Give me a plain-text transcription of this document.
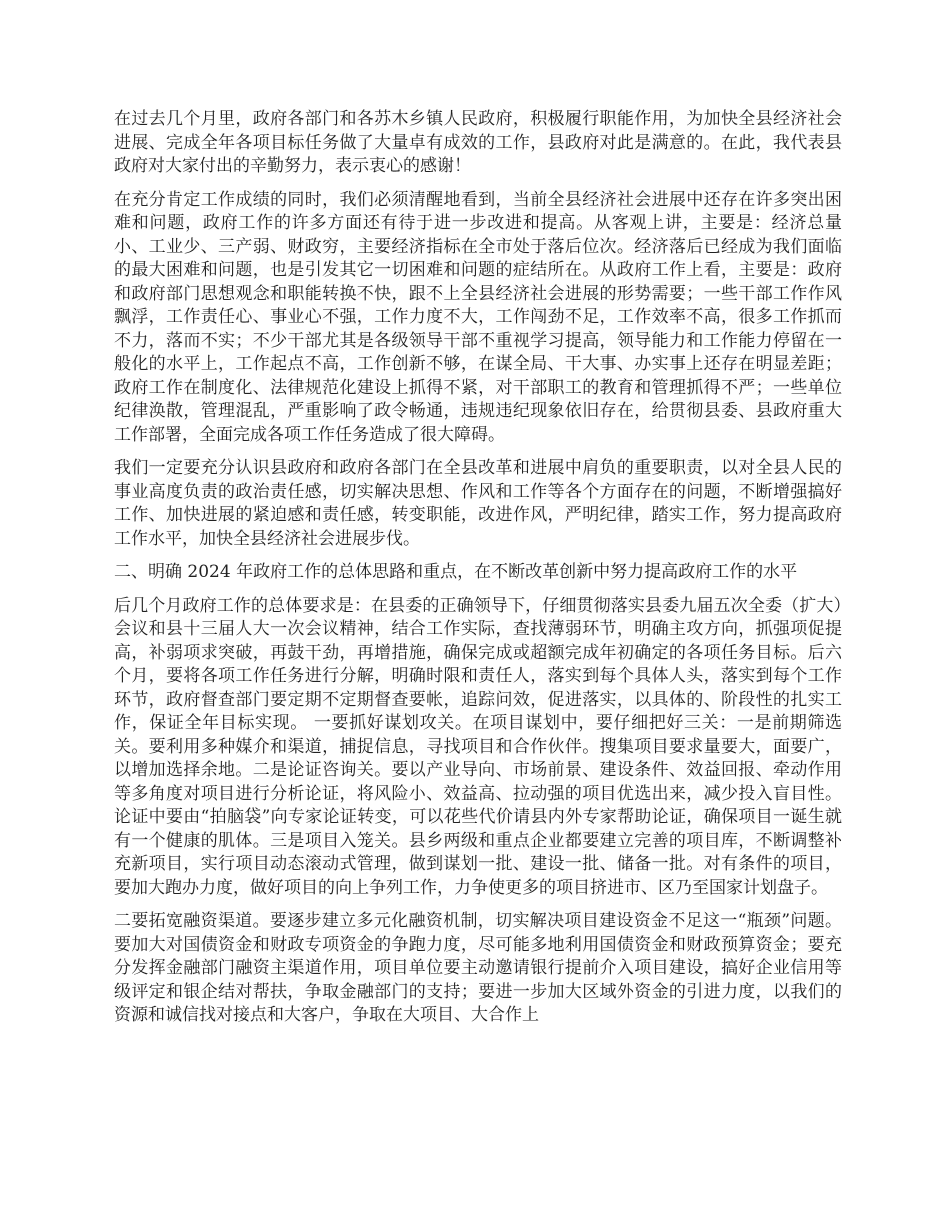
在过去几个月里，政府各部门和各苏木乡镇人民政府，积极履行职能作用，为加快全县经济社会进展、完成全年各项目标任务做了大量卓有成效的工作，县政府对此是满意的。在此，我代表县政府对大家付出的辛勤努力，表示衷心的感谢！

在充分肯定工作成绩的同时，我们必须清醒地看到，当前全县经济社会进展中还存在许多突出困难和问题，政府工作的许多方面还有待于进一步改进和提高。从客观上讲，主要是：经济总量小、工业少、三产弱、财政穷，主要经济指标在全市处于落后位次。经济落后已经成为我们面临的最大困难和问题，也是引发其它一切困难和问题的症结所在。从政府工作上看，主要是：政府和政府部门思想观念和职能转换不快，跟不上全县经济社会进展的形势需要；一些干部工作作风飘浮，工作责任心、事业心不强，工作力度不大，工作闯劲不足，工作效率不高，很多工作抓而不力，落而不实；不少干部尤其是各级领导干部不重视学习提高，领导能力和工作能力停留在一般化的水平上，工作起点不高，工作创新不够，在谋全局、干大事、办实事上还存在明显差距；政府工作在制度化、法律规范化建设上抓得不紧，对干部职工的教育和管理抓得不严；一些单位纪律涣散，管理混乱，严重影响了政令畅通，违规违纪现象依旧存在，给贯彻县委、县政府重大工作部署，全面完成各项工作任务造成了很大障碍。

我们一定要充分认识县政府和政府各部门在全县改革和进展中肩负的重要职责，以对全县人民的事业高度负责的政治责任感，切实解决思想、作风和工作等各个方面存在的问题，不断增强搞好工作、加快进展的紧迫感和责任感，转变职能，改进作风，严明纪律，踏实工作，努力提高政府工作水平，加快全县经济社会进展步伐。

二、明确 2024 年政府工作的总体思路和重点，在不断改革创新中努力提高政府工作的水平

后几个月政府工作的总体要求是：在县委的正确领导下，仔细贯彻落实县委九届五次全委（扩大）会议和县十三届人大一次会议精神，结合工作实际，查找薄弱环节，明确主攻方向，抓强项促提高，补弱项求突破，再鼓干劲，再增措施，确保完成或超额完成年初确定的各项任务目标。后六个月，要将各项工作任务进行分解，明确时限和责任人，落实到每个具体人头，落实到每个工作环节，政府督查部门要定期不定期督查要帐，追踪问效，促进落实，以具体的、阶段性的扎实工作，保证全年目标实现。 一要抓好谋划攻关。在项目谋划中，要仔细把好三关：一是前期筛选关。要利用多种媒介和渠道，捕捉信息，寻找项目和合作伙伴。搜集项目要求量要大，面要广，以增加选择余地。二是论证咨询关。要以产业导向、市场前景、建设条件、效益回报、牵动作用等多角度对项目进行分析论证，将风险小、效益高、拉动强的项目优选出来，减少投入盲目性。论证中要由“拍脑袋”向专家论证转变，可以花些代价请县内外专家帮助论证，确保项目一诞生就有一个健康的肌体。三是项目入笼关。县乡两级和重点企业都要建立完善的项目库，不断调整补充新项目，实行项目动态滚动式管理，做到谋划一批、建设一批、储备一批。对有条件的项目，要加大跑办力度，做好项目的向上争列工作，力争使更多的项目挤进市、区乃至国家计划盘子。

二要拓宽融资渠道。要逐步建立多元化融资机制，切实解决项目建设资金不足这一“瓶颈”问题。要加大对国债资金和财政专项资金的争跑力度，尽可能多地利用国债资金和财政预算资金；要充分发挥金融部门融资主渠道作用，项目单位要主动邀请银行提前介入项目建设，搞好企业信用等级评定和银企结对帮扶，争取金融部门的支持；要进一步加大区域外资金的引进力度，以我们的资源和诚信找对接点和大客户，争取在大项目、大合作上
